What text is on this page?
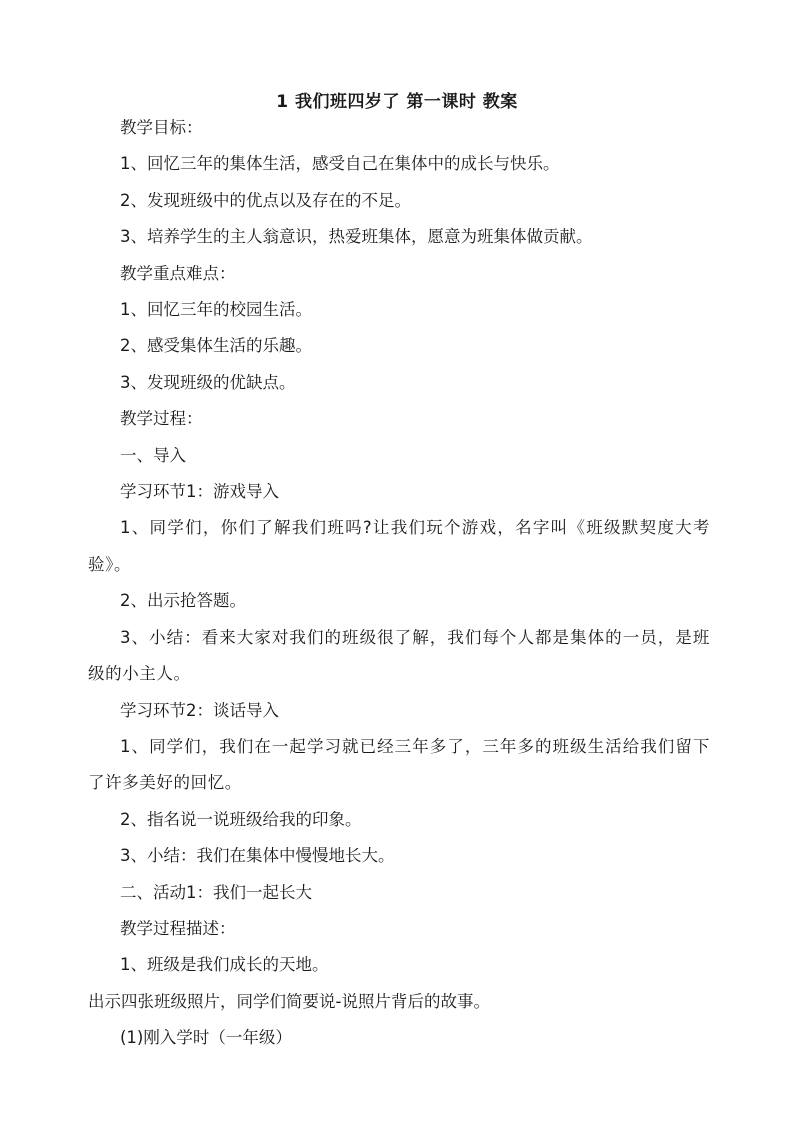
1 我们班四岁了 第一课时 教案

教学目标：

1、回忆三年的集体生活，感受自己在集体中的成长与快乐。

2、发现班级中的优点以及存在的不足。

3、培养学生的主人翁意识，热爱班集体，愿意为班集体做贡献。

教学重点难点：

1、回忆三年的校园生活。

2、感受集体生活的乐趣。

3、发现班级的优缺点。

教学过程：

一、导入

学习环节1：游戏导入

1、同学们，你们了解我们班吗?让我们玩个游戏，名字叫《班级默契度大考验》。

2、出示抢答题。

3、小结：看来大家对我们的班级很了解，我们每个人都是集体的一员，是班级的小主人。

学习环节2：谈话导入

1、同学们，我们在一起学习就已经三年多了，三年多的班级生活给我们留下了许多美好的回忆。

2、指名说一说班级给我的印象。

3、小结：我们在集体中慢慢地长大。

二、活动1：我们一起长大

教学过程描述：

1、班级是我们成长的天地。

出示四张班级照片，同学们简要说-说照片背后的故事。

(1)刚入学时（一年级）
